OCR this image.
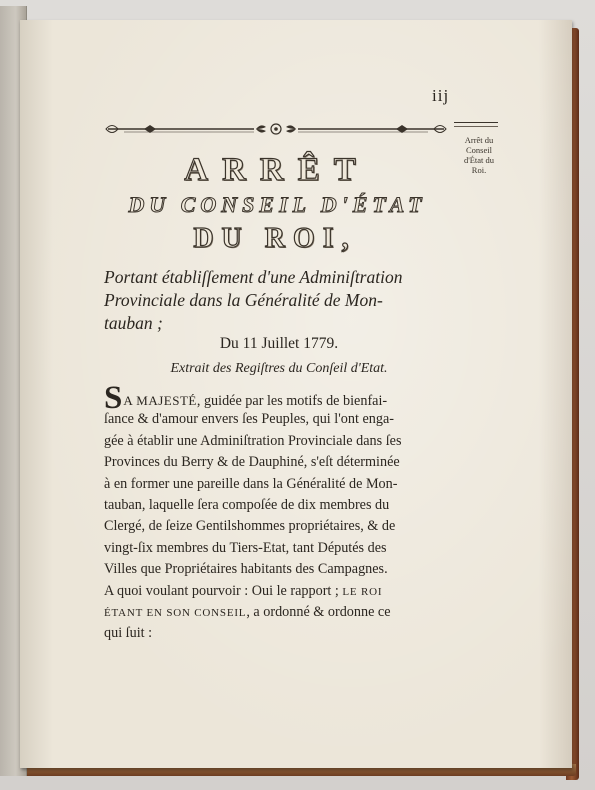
iij
Arrêt du
Conseil
d'État du
Roi.
ARRÊT
DU CONSEIL D'ÉTAT
DU ROI,
Portant établiſſement d'une Adminiſtration
Provinciale dans la Généralité de Mon-
tauban ;
Du 11 Juillet 1779.
Extrait des Regiſtres du Conſeil d'Etat.
SA MAJESTÉ, guidée par les motifs de bienfai-
ſance & d'amour envers ſes Peuples, qui l'ont enga-
gée à établir une Adminiſtration Provinciale dans ſes
Provinces du Berry & de Dauphiné, s'eſt déterminée
à en former une pareille dans la Généralité de Mon-
tauban, laquelle ſera compoſée de dix membres du
Clergé, de ſeize Gentilshommes propriétaires, & de
vingt-ſix membres du Tiers-Etat, tant Députés des
Villes que Propriétaires habitants des Campagnes.
A quoi voulant pourvoir : Oui le rapport ; LE ROI
ÉTANT EN SON CONSEIL, a ordonné & ordonne ce
qui ſuit :
